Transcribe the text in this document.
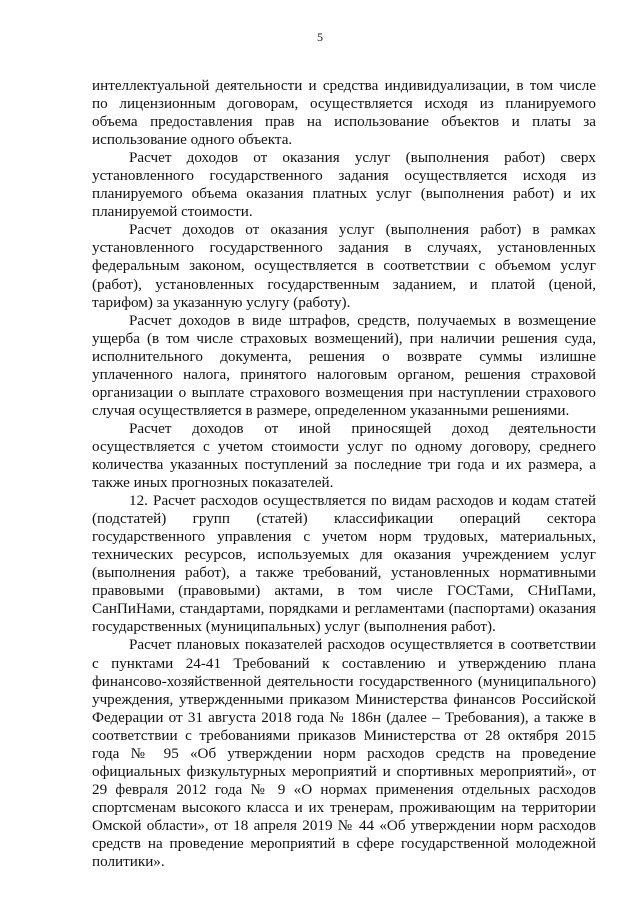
5

интеллектуальной деятельности и средства индивидуализации, в том числе по лицензионным договорам, осуществляется исходя из планируемого объема предоставления прав на использование объектов и платы за использование одного объекта.

Расчет доходов от оказания услуг (выполнения работ) сверх установленного государственного задания осуществляется исходя из планируемого объема оказания платных услуг (выполнения работ) и их планируемой стоимости.

Расчет доходов от оказания услуг (выполнения работ) в рамках установленного государственного задания в случаях, установленных федеральным законом, осуществляется в соответствии с объемом услуг (работ), установленных государственным заданием, и платой (ценой, тарифом) за указанную услугу (работу).

Расчет доходов в виде штрафов, средств, получаемых в возмещение ущерба (в том числе страховых возмещений), при наличии решения суда, исполнительного документа, решения о возврате суммы излишне уплаченного налога, принятого налоговым органом, решения страховой организации о выплате страхового возмещения при наступлении страхового случая осуществляется в размере, определенном указанными решениями.

Расчет доходов от иной приносящей доход деятельности осуществляется с учетом стоимости услуг по одному договору, среднего количества указанных поступлений за последние три года и их размера, а также иных прогнозных показателей.

12. Расчет расходов осуществляется по видам расходов и кодам статей (подстатей) групп (статей) классификации операций сектора государственного управления с учетом норм трудовых, материальных, технических ресурсов, используемых для оказания учреждением услуг (выполнения работ), а также требований, установленных нормативными правовыми (правовыми) актами, в том числе ГОСТами, СНиПами, СанПиНами, стандартами, порядками и регламентами (паспортами) оказания государственных (муниципальных) услуг (выполнения работ).

Расчет плановых показателей расходов осуществляется в соответствии с пунктами 24-41 Требований к составлению и утверждению плана финансово-хозяйственной деятельности государственного (муниципального) учреждения, утвержденными приказом Министерства финансов Российской Федерации от 31 августа 2018 года № 186н (далее – Требования), а также в соответствии с требованиями приказов Министерства от 28 октября 2015 года № 95 «Об утверждении норм расходов средств на проведение официальных физкультурных мероприятий и спортивных мероприятий», от 29 февраля 2012 года № 9 «О нормах применения отдельных расходов спортсменам высокого класса и их тренерам, проживающим на территории Омской области», от 18 апреля 2019 № 44 «Об утверждении норм расходов средств на проведение мероприятий в сфере государственной молодежной политики».
